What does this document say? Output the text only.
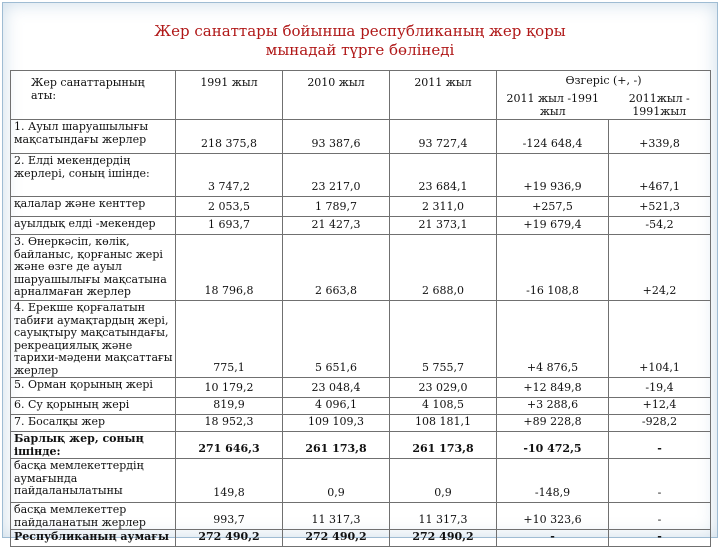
Жер санаттары бойынша республиканың жер қоры
мынадай түрге бөлінеді
Жер санаттарының аты:	1991 жыл	2010 жыл	2011 жыл	Өзгеріс (+, -)	
				2011 жыл -1991 жыл	2011жыл - 1991жыл
1. Ауыл шаруашылығы мақсатындағы жерлер	218 375,8	93 387,6	93 727,4	-124 648,4	+339,8
2. Елді мекендердің жерлері, соның ішінде:	3 747,2	23 217,0	23 684,1	+19 936,9	+467,1
қалалар және кенттер	2 053,5	1 789,7	2 311,0	+257,5	+521,3
ауылдық елді -мекендер	1 693,7	21 427,3	21 373,1	+19 679,4	-54,2
3. Өнеркәсіп, көлік, байланыс, қорғаныс жері және өзге де ауыл шаруашылығы мақсатына арналмаған жерлер	18 796,8	2 663,8	2 688,0	-16 108,8	+24,2
4. Ерекше қорғалатын табиғи аумақтардың жері, сауықтыру мақсатындағы, рекреациялық және тарихи-мәдени мақсаттағы жерлер	775,1	5 651,6	5 755,7	+4 876,5	+104,1
5. Орман қорының жері	10 179,2	23 048,4	23 029,0	+12 849,8	-19,4
6. Су қорының жері	819,9	4 096,1	4 108,5	+3 288,6	+12,4
7. Босалқы жер	18 952,3	109 109,3	108 181,1	+89 228,8	-928,2
Барлық жер, соның ішінде:	271 646,3	261 173,8	261 173,8	-10 472,5	-
басқа мемлекеттердің аумағында пайдаланылатыны	149,8	0,9	0,9	-148,9	-
басқа мемлекеттер пайдаланатын жерлер	993,7	11 317,3	11 317,3	+10 323,6	-
Республиканың аумағы	272 490,2	272 490,2	272 490,2	-	-
